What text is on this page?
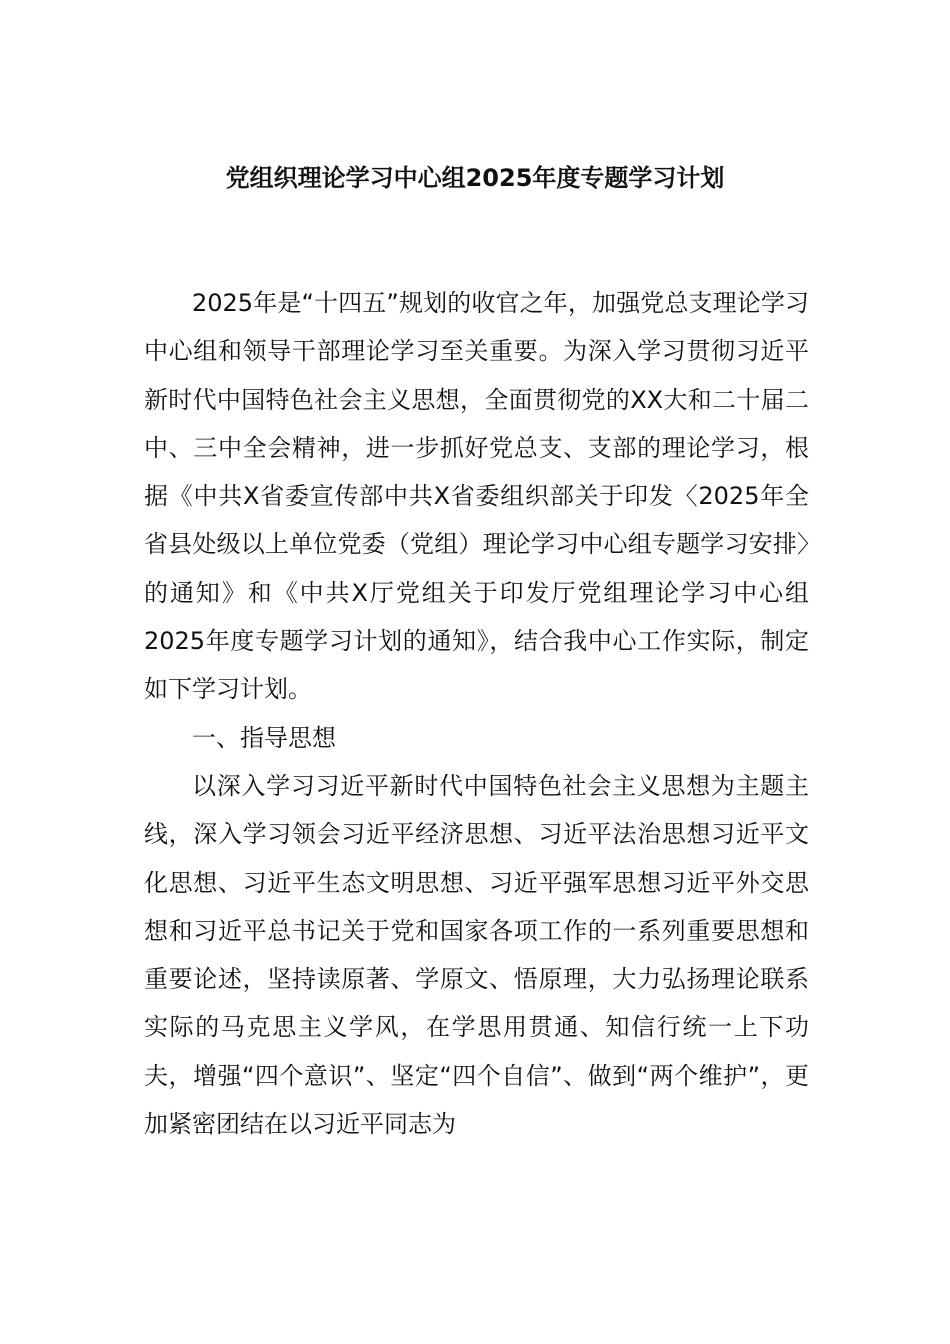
党组织理论学习中心组2025年度专题学习计划

2025年是“十四五”规划的收官之年，加强党总支理论学习中心组和领导干部理论学习至关重要。为深入学习贯彻习近平新时代中国特色社会主义思想，全面贯彻党的XX大和二十届二中、三中全会精神，进一步抓好党总支、支部的理论学习，根据《中共X省委宣传部中共X省委组织部关于印发〈2025年全省县处级以上单位党委（党组）理论学习中心组专题学习安排〉的通知》和《中共X厅党组关于印发厅党组理论学习中心组2025年度专题学习计划的通知》，结合我中心工作实际，制定如下学习计划。

一、指导思想

以深入学习习近平新时代中国特色社会主义思想为主题主线，深入学习领会习近平经济思想、习近平法治思想习近平文化思想、习近平生态文明思想、习近平强军思想习近平外交思想和习近平总书记关于党和国家各项工作的一系列重要思想和重要论述，坚持读原著、学原文、悟原理，大力弘扬理论联系实际的马克思主义学风，在学思用贯通、知信行统一上下功夫，增强“四个意识”、坚定“四个自信”、做到“两个维护”，更加紧密团结在以习近平同志为
